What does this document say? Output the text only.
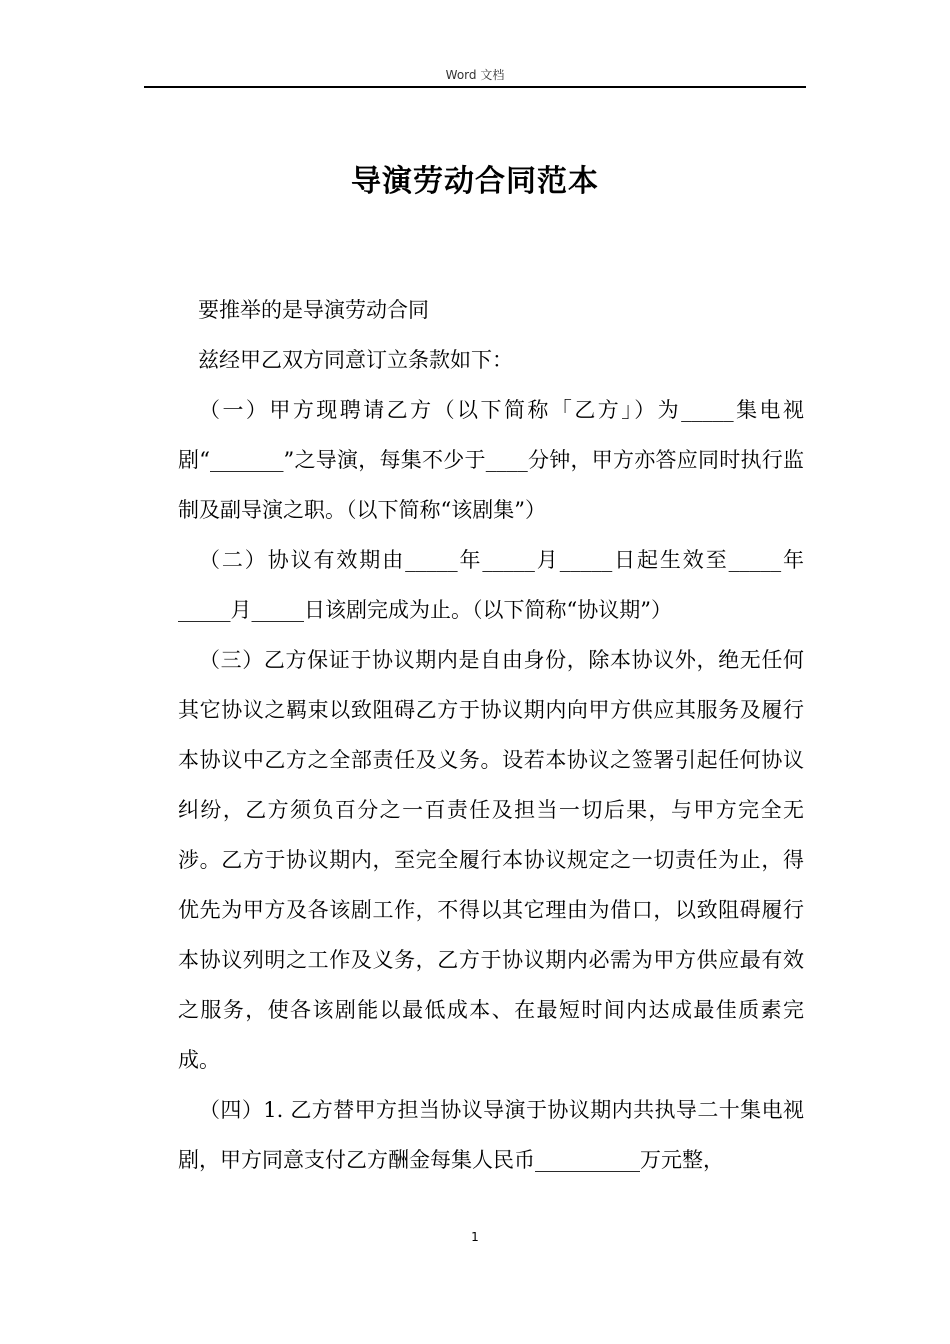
Word 文档
导演劳动合同范本

要推举的是导演劳动合同

兹经甲乙双方同意订立条款如下：

（一）甲方现聘请乙方（以下简称「乙方」）为_____集电视剧“_______”之导演，每集不少于____分钟，甲方亦答应同时执行监制及副导演之职。（以下简称“该剧集”）

（二）协议有效期由_____年_____月_____日起生效至_____年_____月_____日该剧完成为止。（以下简称“协议期”）

（三）乙方保证于协议期内是自由身份，除本协议外，绝无任何其它协议之羁束以致阻碍乙方于协议期内向甲方供应其服务及履行本协议中乙方之全部责任及义务。设若本协议之签署引起任何协议纠纷，乙方须负百分之一百责任及担当一切后果，与甲方完全无涉。乙方于协议期内，至完全履行本协议规定之一切责任为止，得优先为甲方及各该剧工作，不得以其它理由为借口，以致阻碍履行本协议列明之工作及义务，乙方于协议期内必需为甲方供应最有效之服务，使各该剧能以最低成本、在最短时间内达成最佳质素完成。

（四）1. 乙方替甲方担当协议导演于协议期内共执导二十集电视剧，甲方同意支付乙方酬金每集人民币__________万元整，

1
